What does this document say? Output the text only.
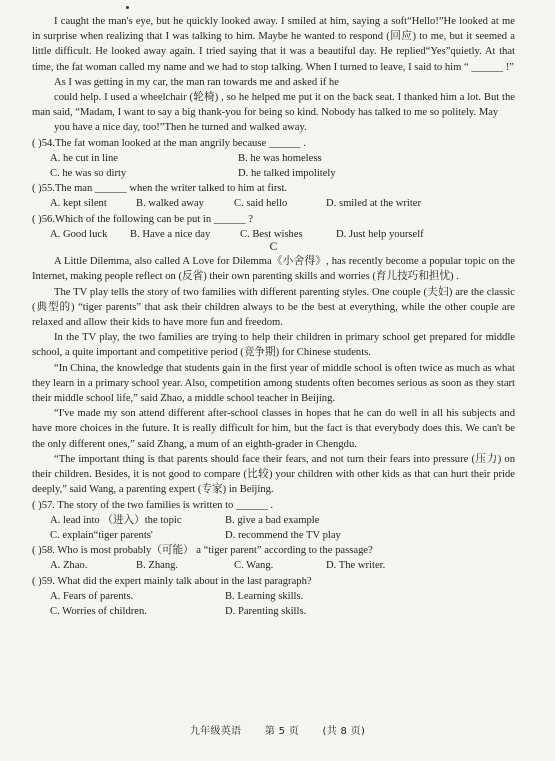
I caught the man's eye, but he quickly looked away. I smiled at him, saying a soft“Hello!”He looked at me in surprise when realizing that I was talking to him. Maybe he wanted to respond (回应) to me, but it seemed a little difficult. He looked away again. I tried saying that it was a beautiful day. He replied“Yes”quietly. At that time, the fat woman called my name and we had to stop talking. When I turned to leave, I said to him “ ______ !”

As I was getting in my car, the man ran towards me and asked if he

could help. I used a wheelchair (轮椅) , so he helped me put it on the back seat. I thanked him a lot. But the man said, “Madam, I want to say a big thank-you for being so kind. Nobody has talked to me so politely. May

you have a nice day, too!”Then he turned and walked away.

( )54.The fat woman looked at the man angrily because ______ .

A. he cut in line	B. he was homeless
C. he was so dirty	D. he talked impolitely

( )55.The man ______ when the writer talked to him at first.

A. kept silent	B. walked away	C. said hello	D. smiled at the writer

( )56.Which of the following can be put in ______ ?

A. Good luck	B. Have a nice day	C. Best wishes	D. Just help yourself
C

A Little Dilemma, also called A Love for Dilemma《小舍得》, has recently become a popular topic on the Internet, making people reflect on (反省) their own parenting skills and worries (育儿技巧和担忧) .

The TV play tells the story of two families with different parenting styles. One couple (夫妇) are the classic (典型的) “tiger parents” that ask their children always to be the best at everything, while the other couple are relaxed and allow their kids to have more fun and freedom.

In the TV play, the two families are trying to help their children in primary school get prepared for middle school, a quite important and competitive period (竞争期) for Chinese students.

“In China, the knowledge that students gain in the first year of middle school is often twice as much as what they learn in a primary school year. Also, competition among students often becomes serious as soon as they start their middle school life,” said Zhao, a middle school teacher in Beijing.

“I've made my son attend different after-school classes in hopes that he can do well in all his subjects and have more choices in the future. It is really difficult for him, but the fact is that everybody does this. We can't be the only different ones,” said Zhang, a mum of an eighth-grader in Chengdu.

“The important thing is that parents should face their fears, and not turn their fears into pressure (压力) on their children. Besides, it is not good to compare (比较) your children with other kids as that can hurt their pride deeply,” said Wang, a parenting expert (专家) in Beijing.

( )57. The story of the two families is written to ______ .

A. lead into （进入）the topic	B. give a bad example
C. explain“tiger parents'	D. recommend the TV play

( )58. Who is most probably（可能） a “tiger parent” according to the passage?

A. Zhao.	B. Zhang.	C. Wang.	D. The writer.

( )59. What did the expert mainly talk about in the last paragraph?

A. Fears of parents.	B. Learning skills.
C. Worries of children.	D. Parenting skills.
九年级英语 第 5 页 (共 8 页)
